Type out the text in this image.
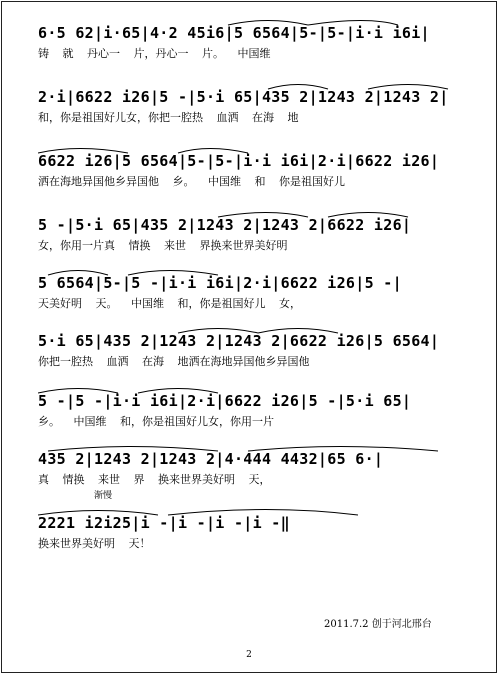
6·5 62|i·65|4·2 45i6|5 6564|5-|5-|i·i i6i|
铸 就 丹心一 片，丹心一 片。 中国维
2·i|6622 i26|5 -|5·i 65|435 2|1243 2|1243 2|
和，你是祖国好儿女，你把一腔热 血洒 在海 地
6622 i26|5 6564|5-|5-|i·i i6i|2·i|6622 i26|
洒在海地异国他乡异国他 乡。 中国维 和 你是祖国好儿
5 -|5·i 65|435 2|1243 2|1243 2|6622 i26|
女，你用一片真 情换 来世 界换来世界美好明
5 6564|5-|5 -|i·i i6i|2·i|6622 i26|5 -|
天美好明 天。 中国维 和，你是祖国好儿 女，
5·i 65|435 2|1243 2|1243 2|6622 i26|5 6564|
你把一腔热 血洒 在海 地洒在海地异国他乡异国他
5 -|5 -|i·i i6i|2·i|6622 i26|5 -|5·i 65|
乡。 中国维 和，你是祖国好儿女，你用一片
435 2|1243 2|1243 2|4·444 4432|65 6·|
真 情换 来世 界 换来世界美好明 天，
渐慢
2221 i2i25|i -|i -|i -|i -‖
换来世界美好明 天！
2011.7.2 创于河北邢台
2
